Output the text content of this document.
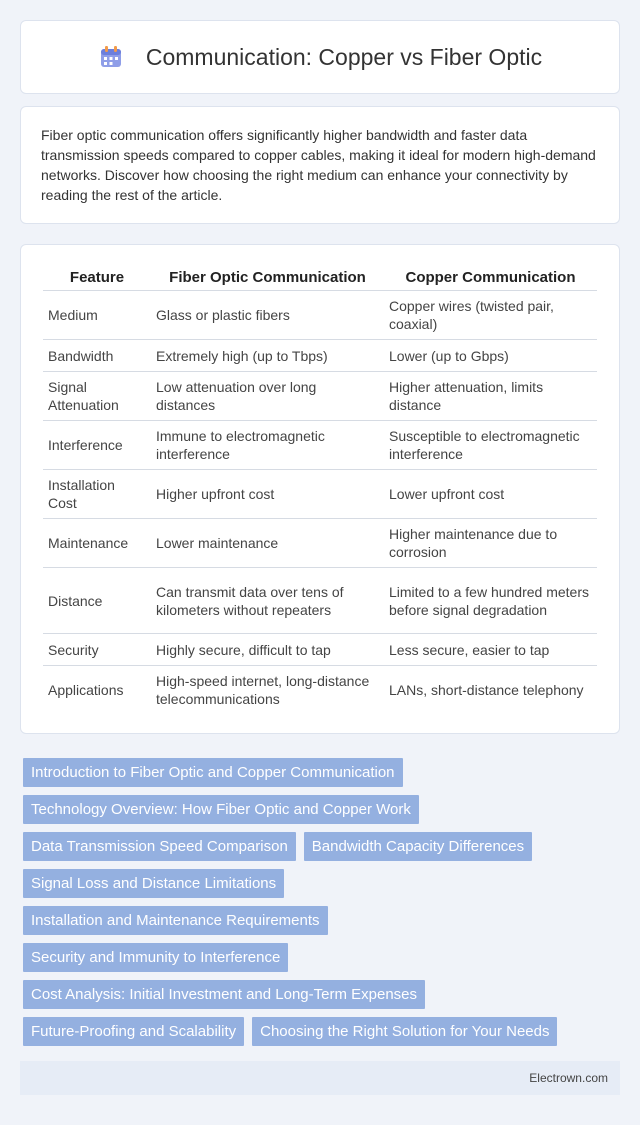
Communication: Copper vs Fiber Optic

Fiber optic communication offers significantly higher bandwidth and faster data transmission speeds compared to copper cables, making it ideal for modern high-demand networks. Discover how choosing the right medium can enhance your connectivity by reading the rest of the article.

Feature	Fiber Optic Communication	Copper Communication
Medium	Glass or plastic fibers	Copper wires (twisted pair, coaxial)
Bandwidth	Extremely high (up to Tbps)	Lower (up to Gbps)
Signal Attenuation	Low attenuation over long distances	Higher attenuation, limits distance
Interference	Immune to electromagnetic interference	Susceptible to electromagnetic interference
Installation Cost	Higher upfront cost	Lower upfront cost
Maintenance	Lower maintenance	Higher maintenance due to corrosion
Distance	Can transmit data over tens of kilometers without repeaters	Limited to a few hundred meters before signal degradation
Security	Highly secure, difficult to tap	Less secure, easier to tap
Applications	High-speed internet, long-distance telecommunications	LANs, short-distance telephony
Introduction to Fiber Optic and Copper Communication
Technology Overview: How Fiber Optic and Copper Work
Data Transmission Speed Comparison	Bandwidth Capacity Differences
Signal Loss and Distance Limitations
Installation and Maintenance Requirements
Security and Immunity to Interference
Cost Analysis: Initial Investment and Long-Term Expenses
Future-Proofing and Scalability	Choosing the Right Solution for Your Needs
Electrown.com
